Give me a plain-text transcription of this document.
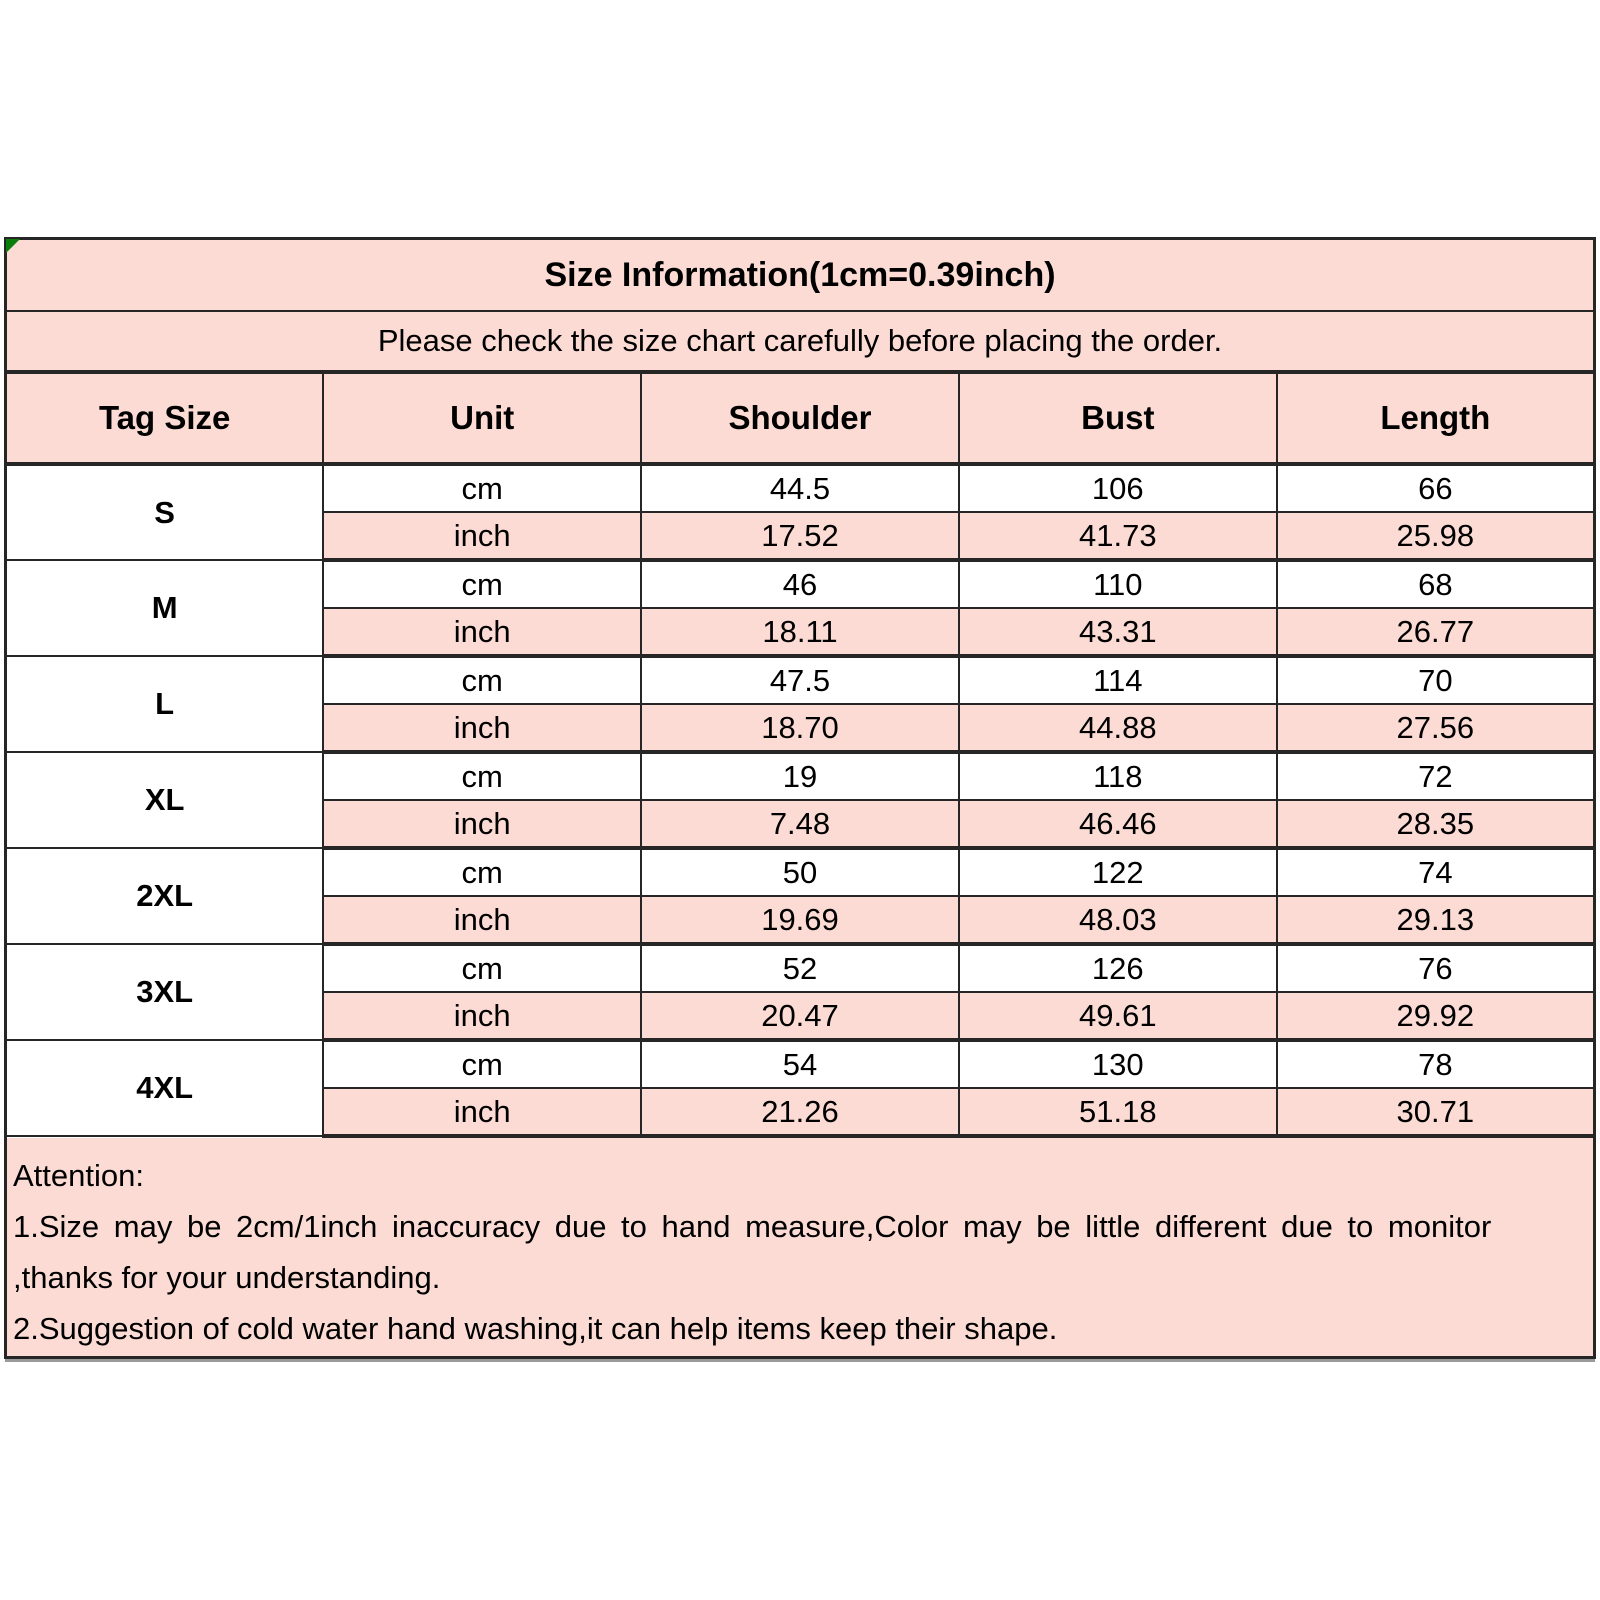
Size Information(1cm=0.39inch)				
Please check the size chart carefully before placing the order.				
Tag Size	Unit	Shoulder	Bust	Length
S	cm	44.5	106	66
	inch	17.52	41.73	25.98
M	cm	46	110	68
	inch	18.11	43.31	26.77
L	cm	47.5	114	70
	inch	18.70	44.88	27.56
XL	cm	19	118	72
	inch	7.48	46.46	28.35
2XL	cm	50	122	74
	inch	19.69	48.03	29.13
3XL	cm	52	126	76
	inch	20.47	49.61	29.92
4XL	cm	54	130	78
	inch	21.26	51.18	30.71

Attention:
1.Size may be 2cm/1inch inaccuracy due to hand measure,Color may be little different due to monitor
,thanks for your understanding.
2.Suggestion of cold water hand washing,it can help items keep their shape.				
